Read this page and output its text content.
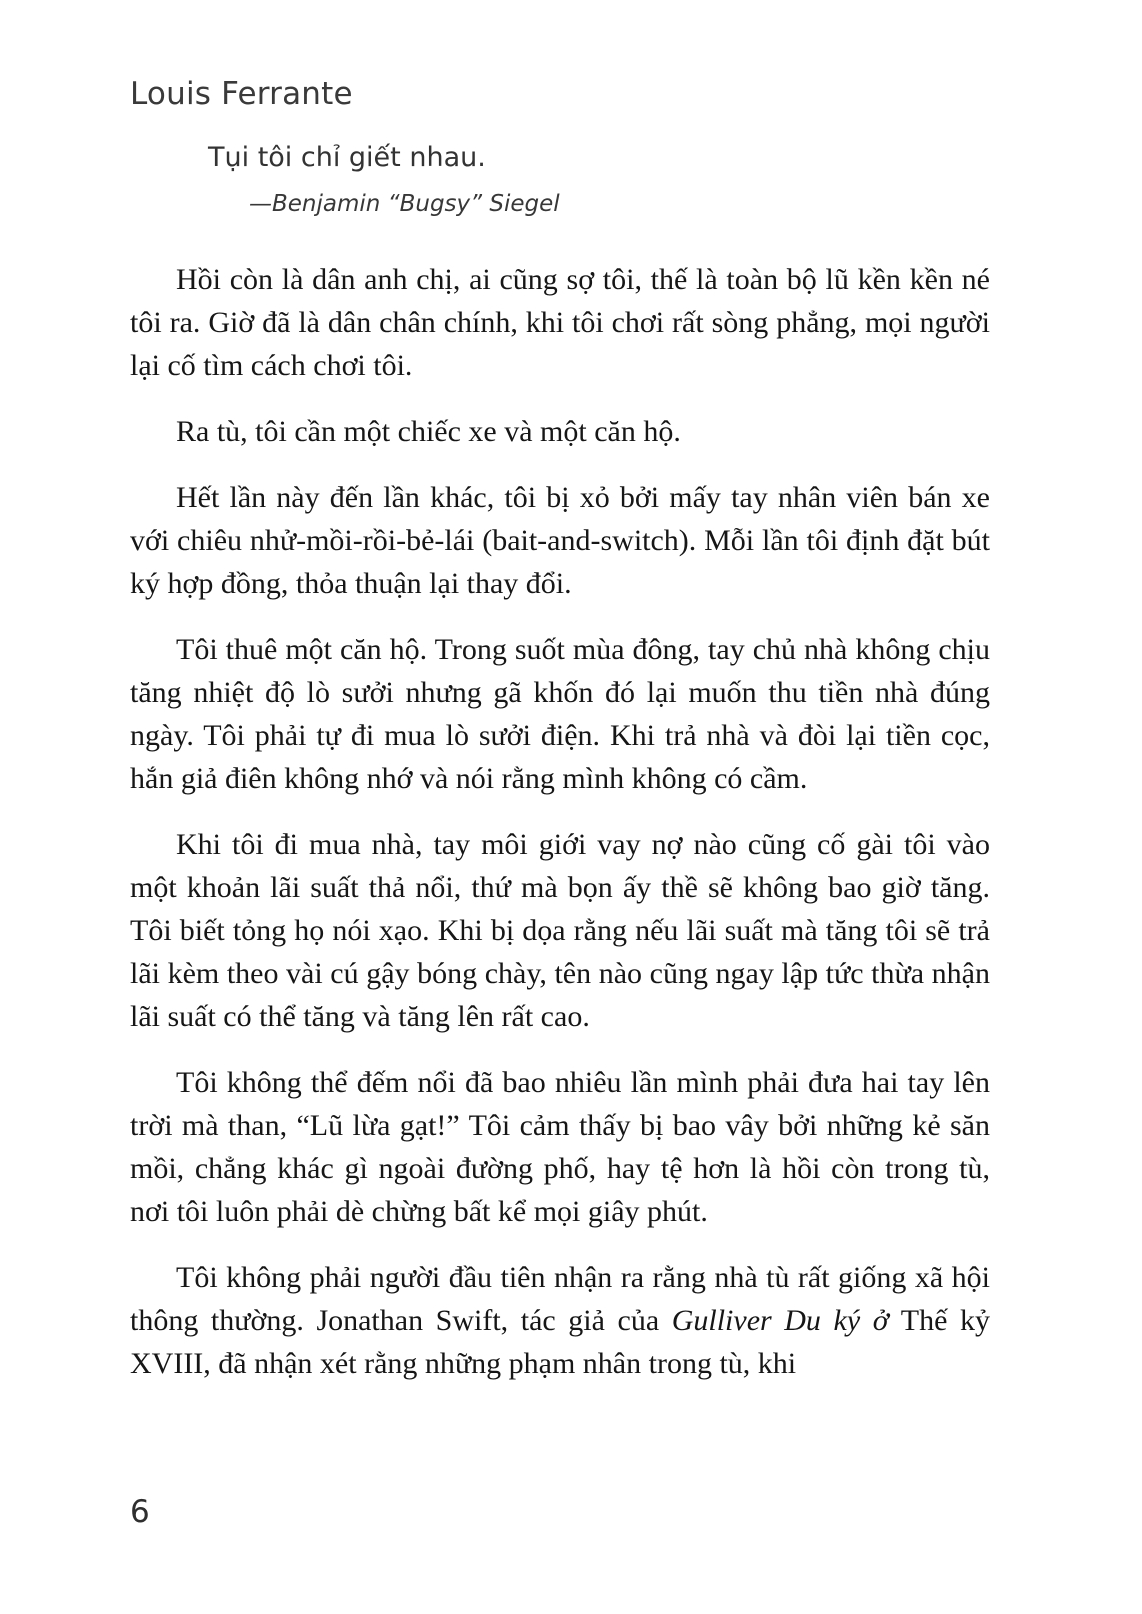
Louis Ferrante
Tụi tôi chỉ giết nhau.
—Benjamin “Bugsy” Siegel

Hồi còn là dân anh chị, ai cũng sợ tôi, thế là toàn bộ lũ kền kền né tôi ra. Giờ đã là dân chân chính, khi tôi chơi rất sòng phẳng, mọi người lại cố tìm cách chơi tôi.

Ra tù, tôi cần một chiếc xe và một căn hộ.

Hết lần này đến lần khác, tôi bị xỏ bởi mấy tay nhân viên bán xe với chiêu nhử-mồi-rồi-bẻ-lái (bait-and-switch). Mỗi lần tôi định đặt bút ký hợp đồng, thỏa thuận lại thay đổi.

Tôi thuê một căn hộ. Trong suốt mùa đông, tay chủ nhà không chịu tăng nhiệt độ lò sưởi nhưng gã khốn đó lại muốn thu tiền nhà đúng ngày. Tôi phải tự đi mua lò sưởi điện. Khi trả nhà và đòi lại tiền cọc, hắn giả điên không nhớ và nói rằng mình không có cầm.

Khi tôi đi mua nhà, tay môi giới vay nợ nào cũng cố gài tôi vào một khoản lãi suất thả nổi, thứ mà bọn ấy thề sẽ không bao giờ tăng. Tôi biết tỏng họ nói xạo. Khi bị dọa rằng nếu lãi suất mà tăng tôi sẽ trả lãi kèm theo vài cú gậy bóng chày, tên nào cũng ngay lập tức thừa nhận lãi suất có thể tăng và tăng lên rất cao.

Tôi không thể đếm nổi đã bao nhiêu lần mình phải đưa hai tay lên trời mà than, “Lũ lừa gạt!” Tôi cảm thấy bị bao vây bởi những kẻ săn mồi, chẳng khác gì ngoài đường phố, hay tệ hơn là hồi còn trong tù, nơi tôi luôn phải dè chừng bất kể mọi giây phút.

Tôi không phải người đầu tiên nhận ra rằng nhà tù rất giống xã hội thông thường. Jonathan Swift, tác giả của Gulliver Du ký ở Thế kỷ XVIII, đã nhận xét rằng những phạm nhân trong tù, khi

6
